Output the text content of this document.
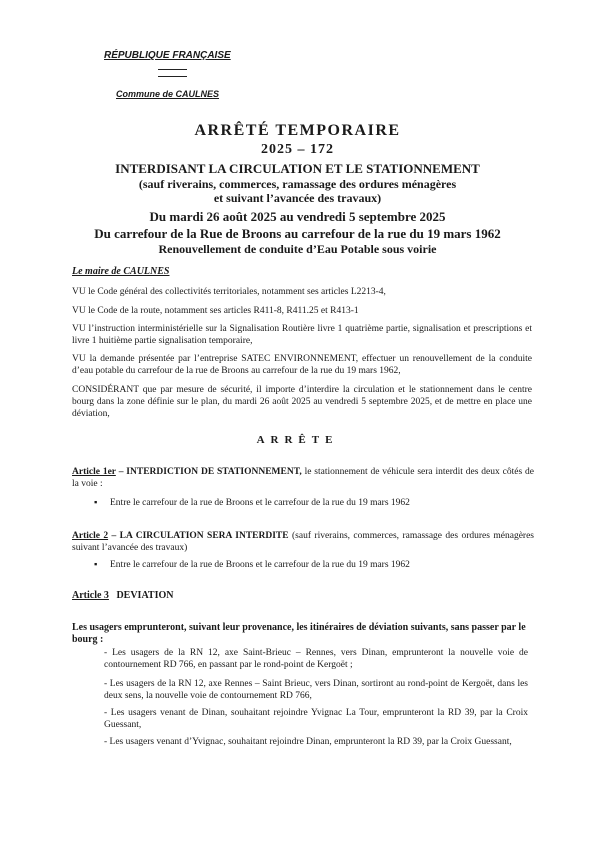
RÉPUBLIQUE FRANÇAISE
Commune de CAULNES
ARRÊTÉ TEMPORAIRE
2025 – 172
INTERDISANT LA CIRCULATION ET LE STATIONNEMENT
(sauf riverains, commerces, ramassage des ordures ménagères
et suivant l’avancée des travaux)
Du mardi 26 août 2025 au vendredi 5 septembre 2025
Du carrefour de la Rue de Broons au carrefour de la rue du 19 mars 1962
Renouvellement de conduite d’Eau Potable sous voirie
Le maire de CAULNES
VU le Code général des collectivités territoriales, notamment ses articles L2213-4,
VU le Code de la route, notamment ses articles R411-8, R411.25 et R413-1
VU l’instruction interministérielle sur la Signalisation Routière livre 1 quatrième partie, signalisation et prescriptions et livre 1 huitième partie signalisation temporaire,
VU la demande présentée par l’entreprise SATEC ENVIRONNEMENT, effectuer un renouvellement de la conduite d’eau potable du carrefour de la rue de Broons au carrefour de la rue du 19 mars 1962,
CONSIDÉRANT que par mesure de sécurité, il importe d’interdire la circulation et le stationnement dans le centre bourg dans la zone définie sur le plan, du mardi 26 août 2025 au vendredi 5 septembre 2025, et de mettre en place une déviation,
ARRÊTE
Article 1er – INTERDICTION DE STATIONNEMENT, le stationnement de véhicule sera interdit des deux côtés de la voie :
▪ Entre le carrefour de la rue de Broons et le carrefour de la rue du 19 mars 1962
Article 2 – LA CIRCULATION SERA INTERDITE (sauf riverains, commerces, ramassage des ordures ménagères suivant l’avancée des travaux)
▪ Entre le carrefour de la rue de Broons et le carrefour de la rue du 19 mars 1962
Article 3 DEVIATION
Les usagers emprunteront, suivant leur provenance, les itinéraires de déviation suivants, sans passer par le bourg :
- Les usagers de la RN 12, axe Saint-Brieuc – Rennes, vers Dinan, emprunteront la nouvelle voie de contournement RD 766, en passant par le rond-point de Kergoët ;
- Les usagers de la RN 12, axe Rennes – Saint Brieuc, vers Dinan, sortiront au rond-point de Kergoët, dans les deux sens, la nouvelle voie de contournement RD 766,
- Les usagers venant de Dinan, souhaitant rejoindre Yvignac La Tour, emprunteront la RD 39, par la Croix Guessant,
- Les usagers venant d’Yvignac, souhaitant rejoindre Dinan, emprunteront la RD 39, par la Croix Guessant,
